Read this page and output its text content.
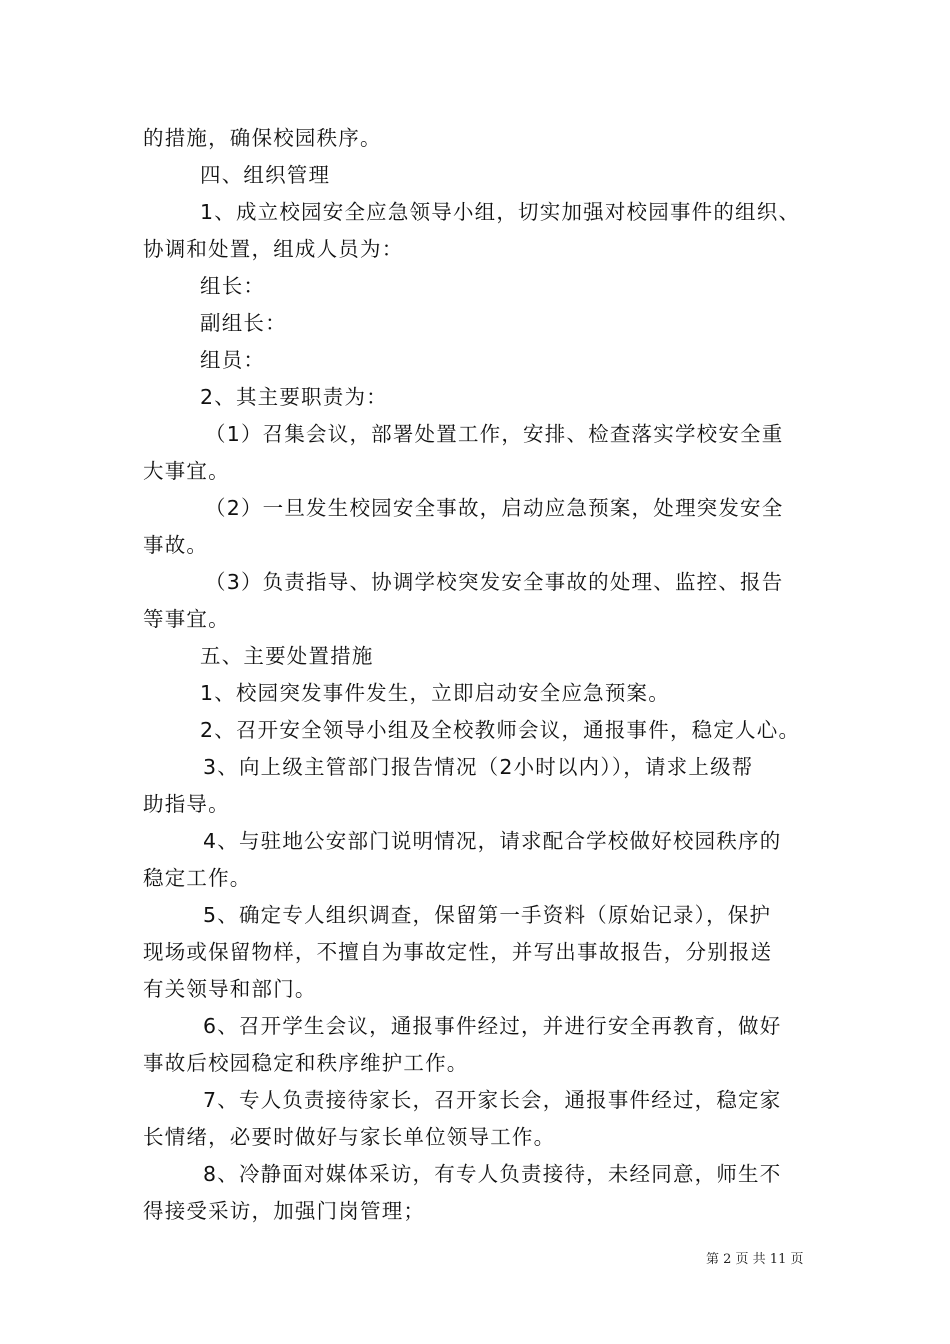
的措施，确保校园秩序。
四、组织管理
1、成立校园安全应急领导小组，切实加强对校园事件的组织、
协调和处置，组成人员为：
组长：
副组长：
组员：
2、其主要职责为：
（1）召集会议，部署处置工作，安排、检查落实学校安全重
大事宜。
（2）一旦发生校园安全事故，启动应急预案，处理突发安全
事故。
（3）负责指导、协调学校突发安全事故的处理、监控、报告
等事宜。
五、主要处置措施
1、校园突发事件发生，立即启动安全应急预案。
2、召开安全领导小组及全校教师会议，通报事件，稳定人心。
3、向上级主管部门报告情况（2小时以内）），请求上级帮
助指导。
4、与驻地公安部门说明情况，请求配合学校做好校园秩序的
稳定工作。
5、确定专人组织调查，保留第一手资料（原始记录），保护
现场或保留物样，不擅自为事故定性，并写出事故报告，分别报送
有关领导和部门。
6、召开学生会议，通报事件经过，并进行安全再教育，做好
事故后校园稳定和秩序维护工作。
7、专人负责接待家长，召开家长会，通报事件经过，稳定家
长情绪，必要时做好与家长单位领导工作。
8、冷静面对媒体采访，有专人负责接待，未经同意，师生不
得接受采访，加强门岗管理；
第 2 页 共 11 页
